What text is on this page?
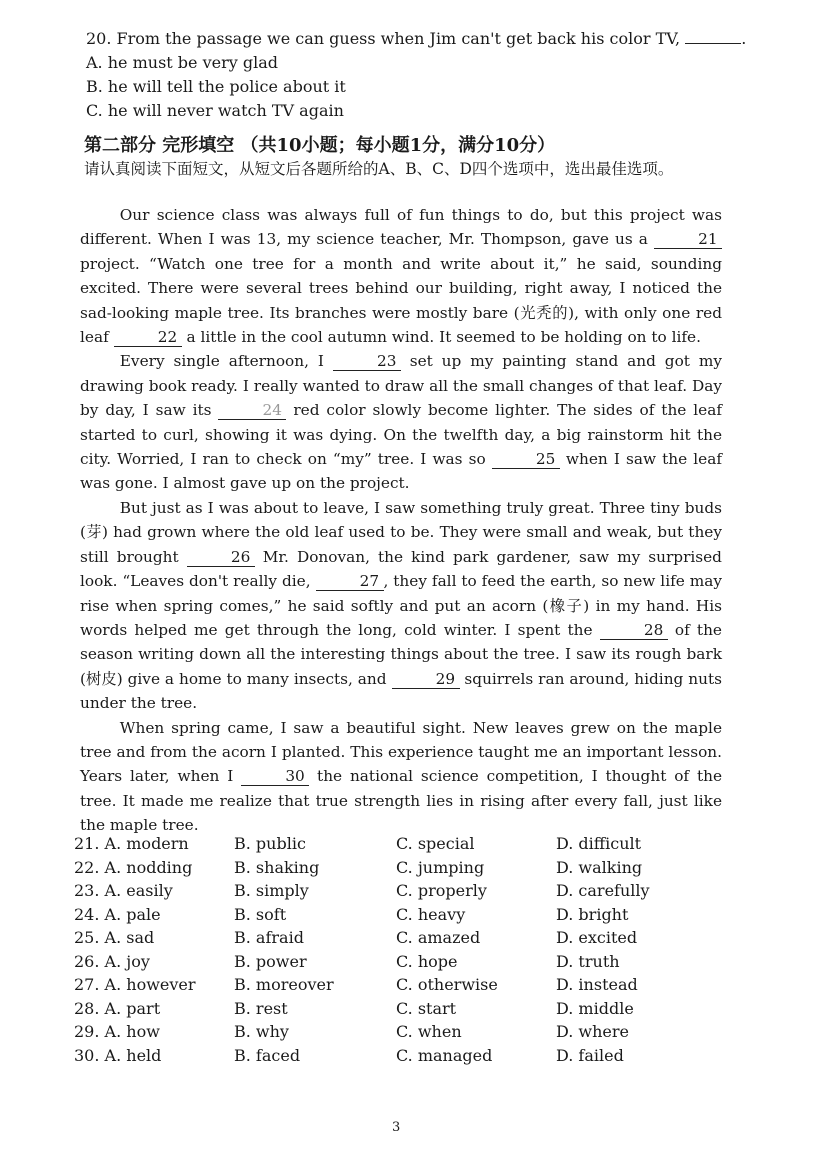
20. From the passage we can guess when Jim can't get back his color TV,	.
A. he must be very glad
B. he will tell the police about it
C. he will never watch TV again
第二部分 完形填空 （共10小题；每小题1分，满分10分）
请认真阅读下面短文，从短文后各题所给的A、B、C、D四个选项中，选出最佳选项。

Our science class was always full of fun things to do, but this project was different. When I was 13, my science teacher, Mr. Thompson, gave us a	21 project. “Watch one tree for a month and write about it,” he said, sounding excited. There were several trees behind our building, right away, I noticed the sad-looking maple tree. Its branches were mostly bare (光秃的), with only one red leaf	22 a little in the cool autumn wind. It seemed to be holding on to life.

Every single afternoon, I	23 set up my painting stand and got my drawing book ready. I really wanted to draw all the small changes of that leaf. Day by day, I saw its	24 red color slowly become lighter. The sides of the leaf started to curl, showing it was dying. On the twelfth day, a big rainstorm hit the city. Worried, I ran to check on “my” tree. I was so	25 when I saw the leaf was gone. I almost gave up on the project.

But just as I was about to leave, I saw something truly great. Three tiny buds (芽) had grown where the old leaf used to be. They were small and weak, but they still brought	26 Mr. Donovan, the kind park gardener, saw my surprised look. “Leaves don't really die,	27 , they fall to feed the earth, so new life may rise when spring comes,” he said softly and put an acorn (橡子) in my hand. His words helped me get through the long, cold winter. I spent the	28 of the season writing down all the interesting things about the tree. I saw its rough bark (树皮) give a home to many insects, and	29 squirrels ran around, hiding nuts under the tree.

When spring came, I saw a beautiful sight. New leaves grew on the maple tree and from the acorn I planted. This experience taught me an important lesson. Years later, when I	30 the national science competition, I thought of the tree. It made me realize that true strength lies in rising after every fall, just like the maple tree.

21. A. modern	B. public	C. special	D. difficult
22. A. nodding	B. shaking	C. jumping	D. walking
23. A. easily	B. simply	C. properly	D. carefully
24. A. pale	B. soft	C. heavy	D. bright
25. A. sad	B. afraid	C. amazed	D. excited
26. A. joy	B. power	C. hope	D. truth
27. A. however B. moreover	C. otherwise	D. instead
28. A. part	B. rest	C. start	D. middle
29. A. how	B. why	C. when	D. where
30. A. held	B. faced	C. managed	D. failed
3
